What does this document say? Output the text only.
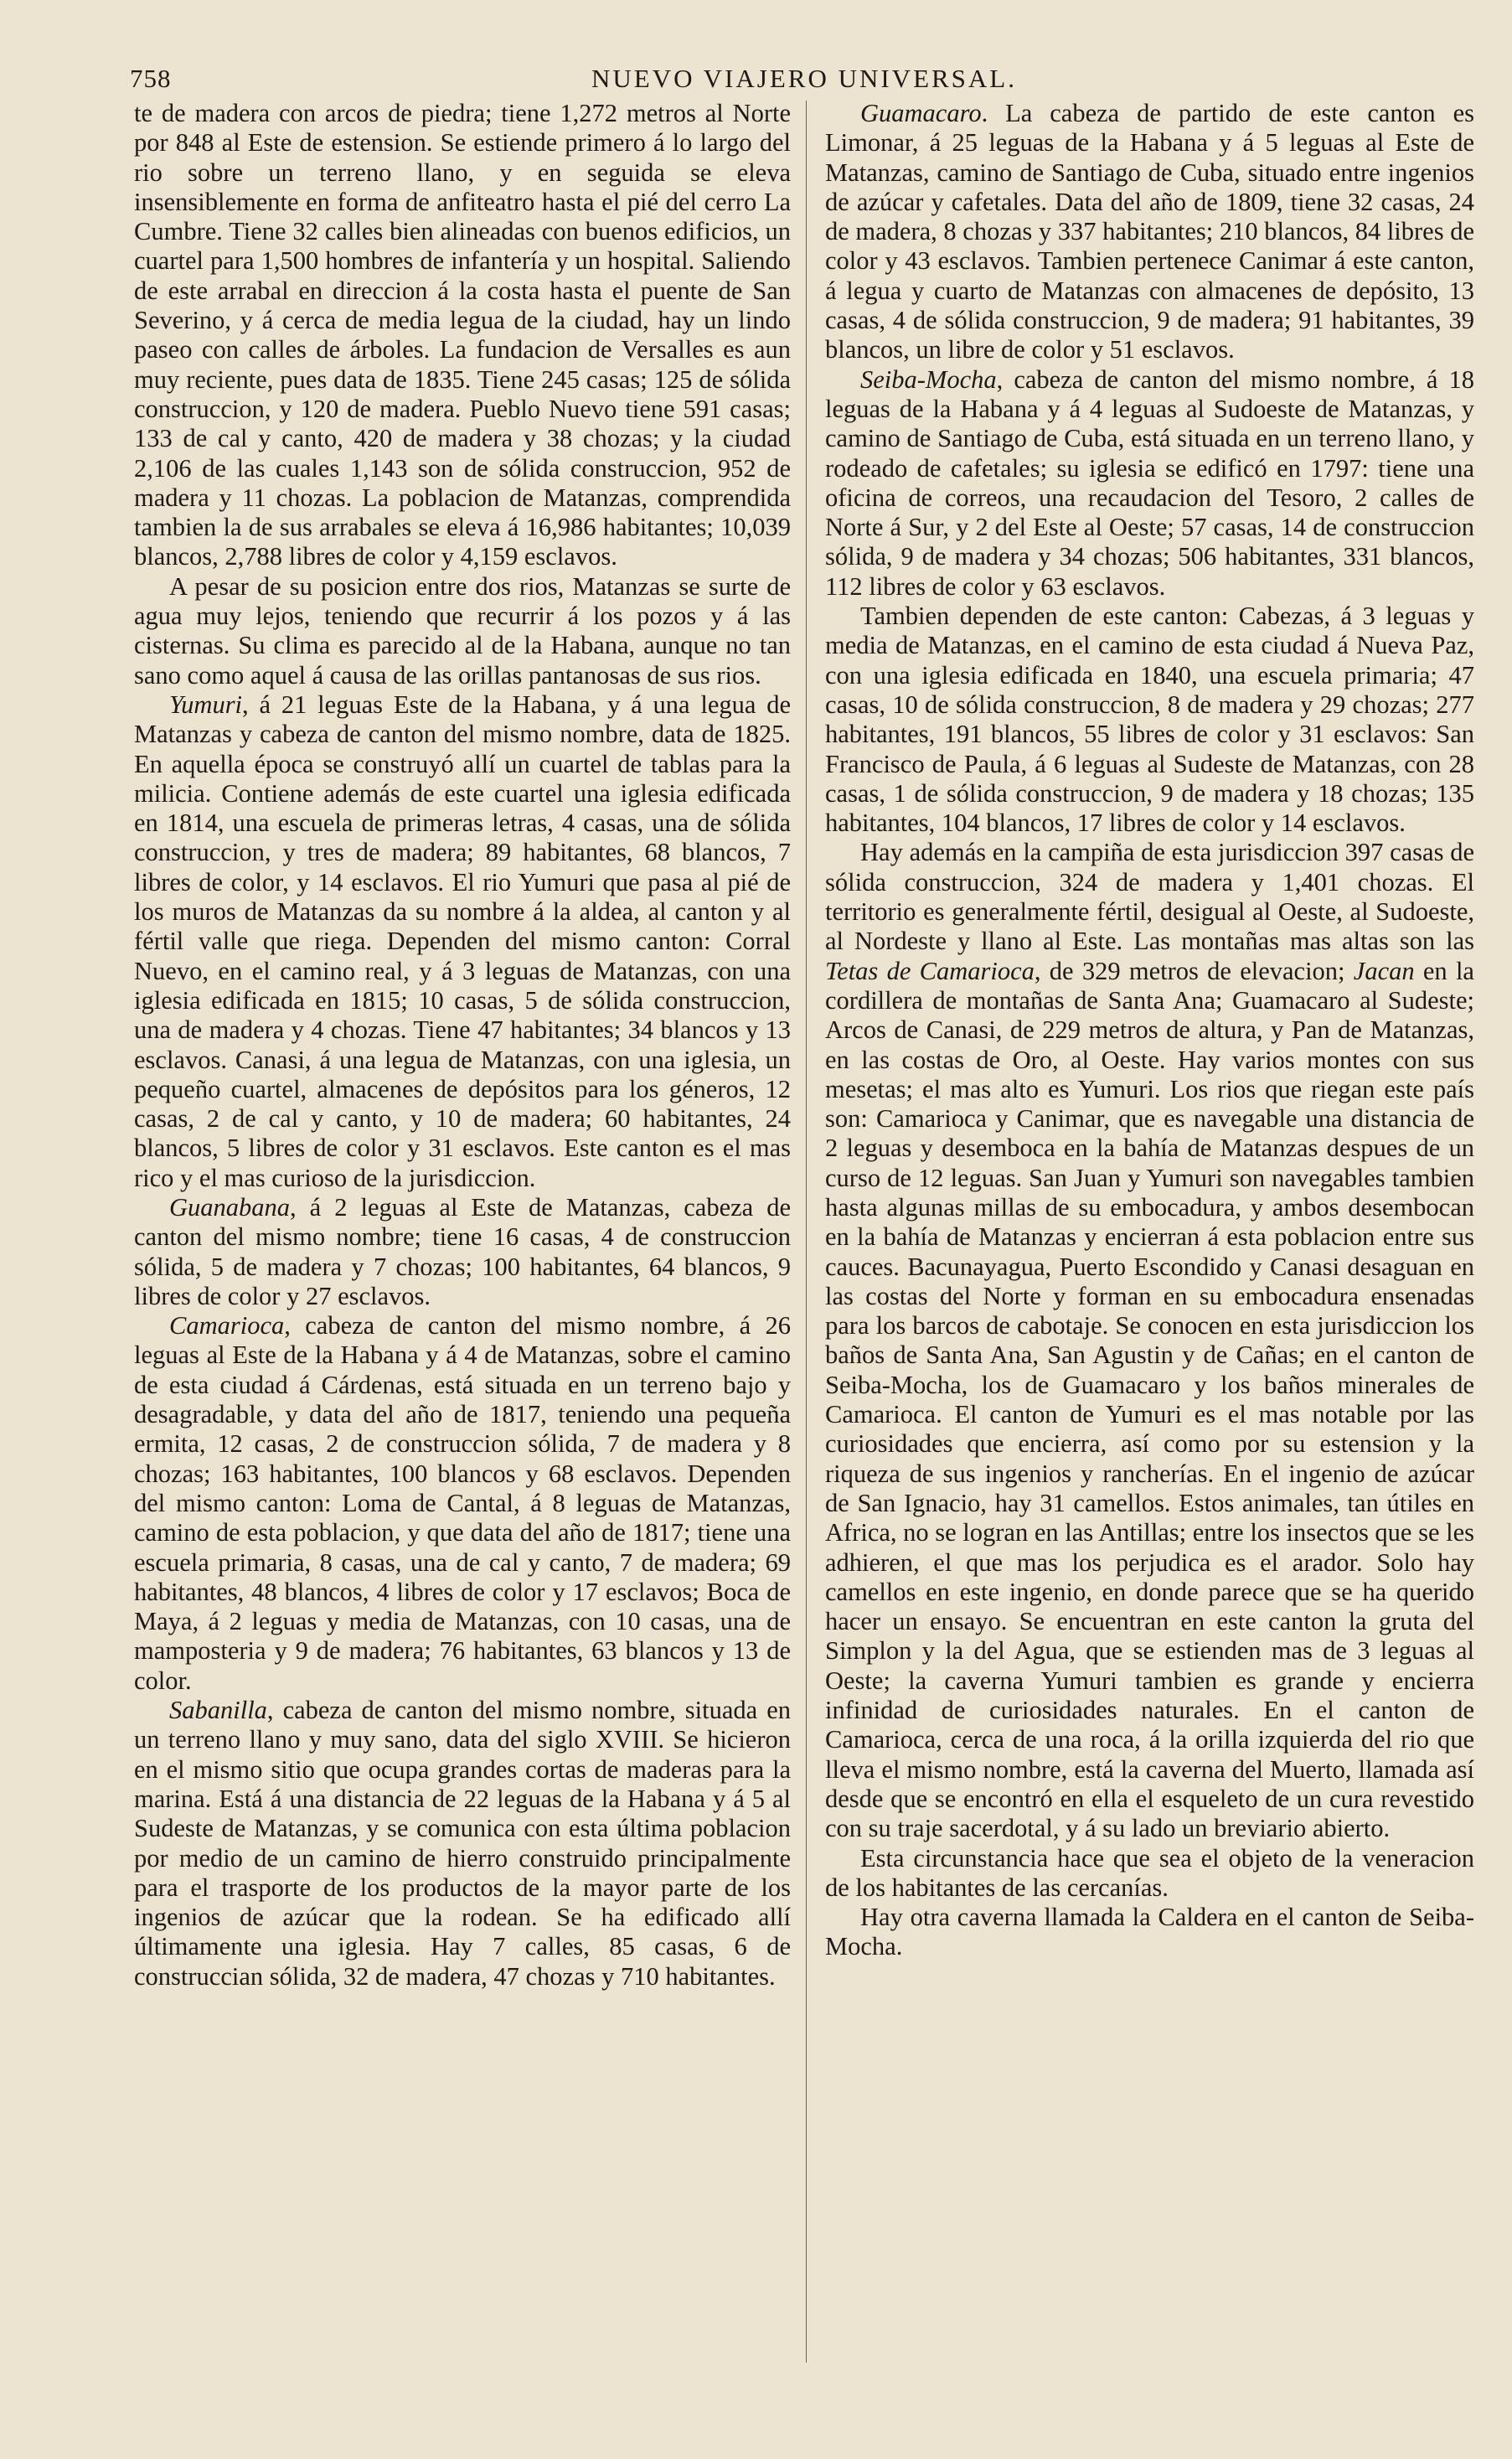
758	NUEVO VIAJERO UNIVERSAL.

te de madera con arcos de piedra; tiene 1,272 metros al Norte por 848 al Este de estension. Se estiende primero á lo largo del rio sobre un terreno llano, y en seguida se eleva insensiblemente en forma de anfiteatro hasta el pié del cerro La Cumbre. Tiene 32 calles bien alineadas con buenos edificios, un cuartel para 1,500 hombres de infantería y un hospital. Saliendo de este arrabal en direccion á la costa hasta el puente de San Severino, y á cerca de media legua de la ciudad, hay un lindo paseo con calles de árboles. La fundacion de Versalles es aun muy reciente, pues data de 1835. Tiene 245 casas; 125 de sólida construccion, y 120 de madera. Pueblo Nuevo tiene 591 casas; 133 de cal y canto, 420 de madera y 38 chozas; y la ciudad 2,106 de las cuales 1,143 son de sólida construccion, 952 de madera y 11 chozas. La poblacion de Matanzas, comprendida tambien la de sus arrabales se eleva á 16,986 habitantes; 10,039 blancos, 2,788 libres de color y 4,159 esclavos.

A pesar de su posicion entre dos rios, Matanzas se surte de agua muy lejos, teniendo que recurrir á los pozos y á las cisternas. Su clima es parecido al de la Habana, aunque no tan sano como aquel á causa de las orillas pantanosas de sus rios.

Yumuri, á 21 leguas Este de la Habana, y á una legua de Matanzas y cabeza de canton del mismo nombre, data de 1825. En aquella época se construyó allí un cuartel de tablas para la milicia. Contiene además de este cuartel una iglesia edificada en 1814, una escuela de primeras letras, 4 casas, una de sólida construccion, y tres de madera; 89 habitantes, 68 blancos, 7 libres de color, y 14 esclavos. El rio Yumuri que pasa al pié de los muros de Matanzas da su nombre á la aldea, al canton y al fértil valle que riega. Dependen del mismo canton: Corral Nuevo, en el camino real, y á 3 leguas de Matanzas, con una iglesia edificada en 1815; 10 casas, 5 de sólida construccion, una de madera y 4 chozas. Tiene 47 habitantes; 34 blancos y 13 esclavos. Canasi, á una legua de Matanzas, con una iglesia, un pequeño cuartel, almacenes de depósitos para los géneros, 12 casas, 2 de cal y canto, y 10 de madera; 60 habitantes, 24 blancos, 5 libres de color y 31 esclavos. Este canton es el mas rico y el mas curioso de la jurisdiccion.

Guanabana, á 2 leguas al Este de Matanzas, cabeza de canton del mismo nombre; tiene 16 casas, 4 de construccion sólida, 5 de madera y 7 chozas; 100 habitantes, 64 blancos, 9 libres de color y 27 esclavos.

Camarioca, cabeza de canton del mismo nombre, á 26 leguas al Este de la Habana y á 4 de Matanzas, sobre el camino de esta ciudad á Cárdenas, está situada en un terreno bajo y desagradable, y data del año de 1817, teniendo una pequeña ermita, 12 casas, 2 de construccion sólida, 7 de madera y 8 chozas; 163 habitantes, 100 blancos y 68 esclavos. Dependen del mismo canton: Loma de Cantal, á 8 leguas de Matanzas, camino de esta poblacion, y que data del año de 1817; tiene una escuela primaria, 8 casas, una de cal y canto, 7 de madera; 69 habitantes, 48 blancos, 4 libres de color y 17 esclavos; Boca de Maya, á 2 leguas y media de Matanzas, con 10 casas, una de mamposteria y 9 de madera; 76 habitantes, 63 blancos y 13 de color.

Sabanilla, cabeza de canton del mismo nombre, situada en un terreno llano y muy sano, data del siglo XVIII. Se hicieron en el mismo sitio que ocupa grandes cortas de maderas para la marina. Está á una distancia de 22 leguas de la Habana y á 5 al Sudeste de Matanzas, y se comunica con esta última poblacion por medio de un camino de hierro construido principalmente para el trasporte de los productos de la mayor parte de los ingenios de azúcar que la rodean. Se ha edificado allí últimamente una iglesia. Hay 7 calles, 85 casas, 6 de construccian sólida, 32 de madera, 47 chozas y 710 habitantes.

Guamacaro. La cabeza de partido de este canton es Limonar, á 25 leguas de la Habana y á 5 leguas al Este de Matanzas, camino de Santiago de Cuba, situado entre ingenios de azúcar y cafetales. Data del año de 1809, tiene 32 casas, 24 de madera, 8 chozas y 337 habitantes; 210 blancos, 84 libres de color y 43 esclavos. Tambien pertenece Canimar á este canton, á legua y cuarto de Matanzas con almacenes de depósito, 13 casas, 4 de sólida construccion, 9 de madera; 91 habitantes, 39 blancos, un libre de color y 51 esclavos.

Seiba-Mocha, cabeza de canton del mismo nombre, á 18 leguas de la Habana y á 4 leguas al Sudoeste de Matanzas, y camino de Santiago de Cuba, está situada en un terreno llano, y rodeado de cafetales; su iglesia se edificó en 1797: tiene una oficina de correos, una recaudacion del Tesoro, 2 calles de Norte á Sur, y 2 del Este al Oeste; 57 casas, 14 de construccion sólida, 9 de madera y 34 chozas; 506 habitantes, 331 blancos, 112 libres de color y 63 esclavos.

Tambien dependen de este canton: Cabezas, á 3 leguas y media de Matanzas, en el camino de esta ciudad á Nueva Paz, con una iglesia edificada en 1840, una escuela primaria; 47 casas, 10 de sólida construccion, 8 de madera y 29 chozas; 277 habitantes, 191 blancos, 55 libres de color y 31 esclavos: San Francisco de Paula, á 6 leguas al Sudeste de Matanzas, con 28 casas, 1 de sólida construccion, 9 de madera y 18 chozas; 135 habitantes, 104 blancos, 17 libres de color y 14 esclavos.

Hay además en la campiña de esta jurisdiccion 397 casas de sólida construccion, 324 de madera y 1,401 chozas. El territorio es generalmente fértil, desigual al Oeste, al Sudoeste, al Nordeste y llano al Este. Las montañas mas altas son las Tetas de Camarioca, de 329 metros de elevacion; Jacan en la cordillera de montañas de Santa Ana; Guamacaro al Sudeste; Arcos de Canasi, de 229 metros de altura, y Pan de Matanzas, en las costas de Oro, al Oeste. Hay varios montes con sus mesetas; el mas alto es Yumuri. Los rios que riegan este país son: Camarioca y Canimar, que es navegable una distancia de 2 leguas y desemboca en la bahía de Matanzas despues de un curso de 12 leguas. San Juan y Yumuri son navegables tambien hasta algunas millas de su embocadura, y ambos desembocan en la bahía de Matanzas y encierran á esta poblacion entre sus cauces. Bacunayagua, Puerto Escondido y Canasi desaguan en las costas del Norte y forman en su embocadura ensenadas para los barcos de cabotaje. Se conocen en esta jurisdiccion los baños de Santa Ana, San Agustin y de Cañas; en el canton de Seiba-Mocha, los de Guamacaro y los baños minerales de Camarioca. El canton de Yumuri es el mas notable por las curiosidades que encierra, así como por su estension y la riqueza de sus ingenios y rancherías. En el ingenio de azúcar de San Ignacio, hay 31 camellos. Estos animales, tan útiles en Africa, no se logran en las Antillas; entre los insectos que se les adhieren, el que mas los perjudica es el arador. Solo hay camellos en este ingenio, en donde parece que se ha querido hacer un ensayo. Se encuentran en este canton la gruta del Simplon y la del Agua, que se estienden mas de 3 leguas al Oeste; la caverna Yumuri tambien es grande y encierra infinidad de curiosidades naturales. En el canton de Camarioca, cerca de una roca, á la orilla izquierda del rio que lleva el mismo nombre, está la caverna del Muerto, llamada así desde que se encontró en ella el esqueleto de un cura revestido con su traje sacerdotal, y á su lado un breviario abierto.

Esta circunstancia hace que sea el objeto de la veneracion de los habitantes de las cercanías.

Hay otra caverna llamada la Caldera en el canton de Seiba-Mocha.
